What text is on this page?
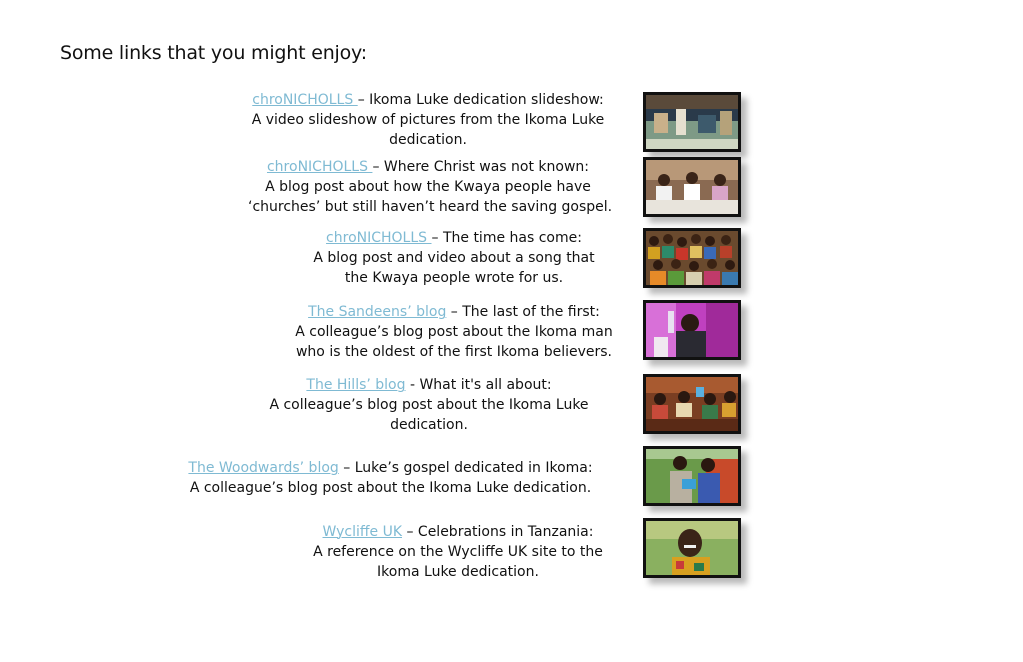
Some links that you might enjoy:
chroNICHOLLS – Ikoma Luke dedication slideshow:
A video slideshow of pictures from the Ikoma Luke
dedication.
chroNICHOLLS – Where Christ was not known:
A blog post about how the Kwaya people have
‘churches’ but still haven’t heard the saving gospel.
chroNICHOLLS – The time has come:
A blog post and video about a song that
the Kwaya people wrote for us.
The Sandeens’ blog – The last of the first:
A colleague’s blog post about the Ikoma man
who is the oldest of the first Ikoma believers.
The Hills’ blog - What it's all about:
A colleague’s blog post about the Ikoma Luke
dedication.
The Woodwards’ blog – Luke’s gospel dedicated in Ikoma:
A colleague’s blog post about the Ikoma Luke dedication.
Wycliffe UK – Celebrations in Tanzania:
A reference on the Wycliffe UK site to the
Ikoma Luke dedication.
